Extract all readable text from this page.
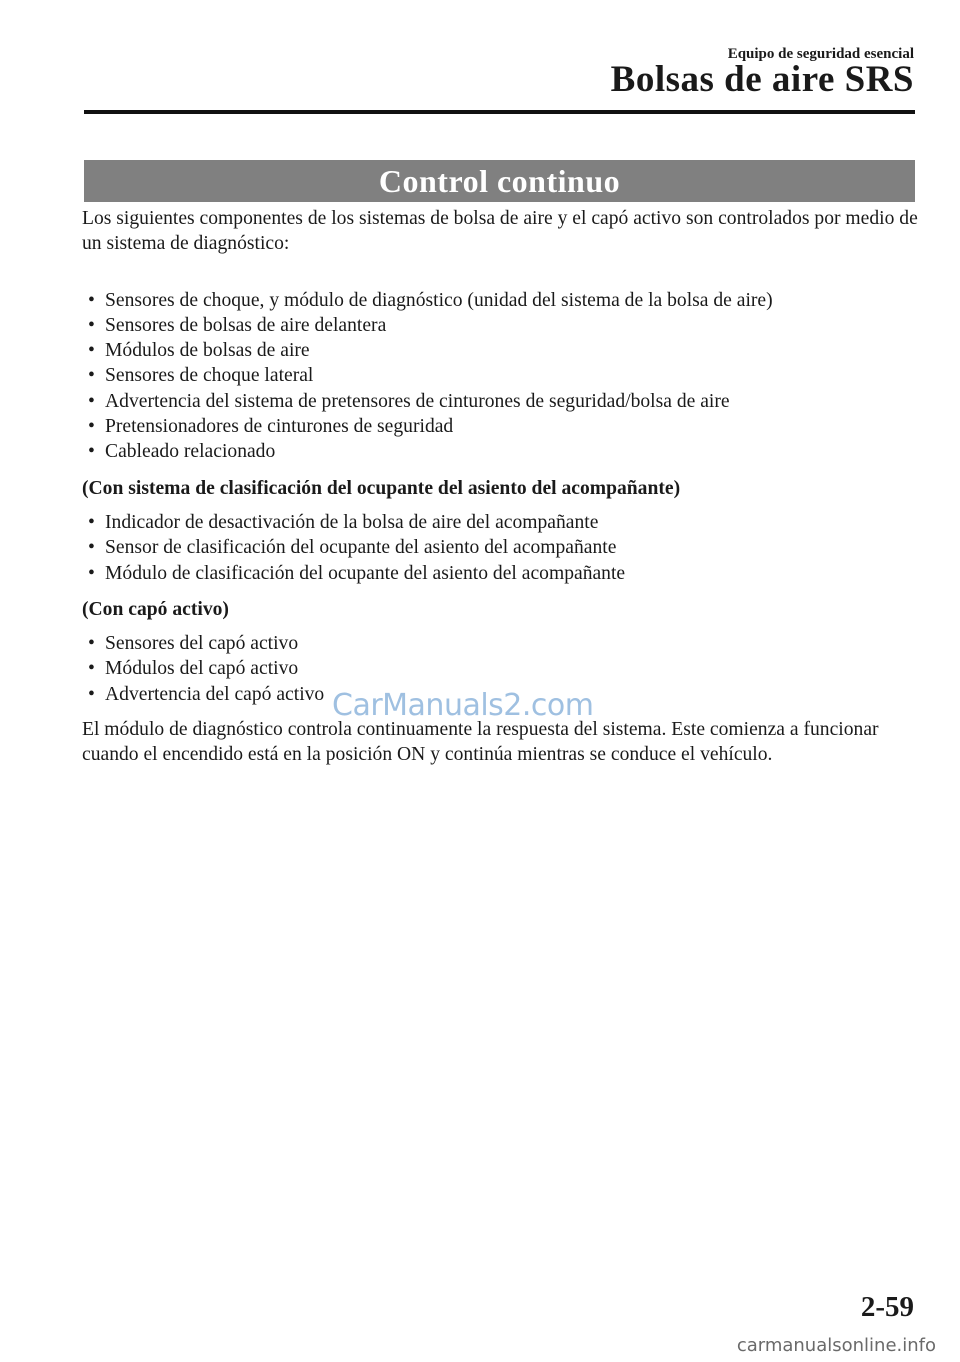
Equipo de seguridad esencial
Bolsas de aire SRS
Control continuo

Los siguientes componentes de los sistemas de bolsa de aire y el capó activo son controlados por medio de un sistema de diagnóstico:

• Sensores de choque, y módulo de diagnóstico (unidad del sistema de la bolsa de aire)
• Sensores de bolsas de aire delantera
• Módulos de bolsas de aire
• Sensores de choque lateral
• Advertencia del sistema de pretensores de cinturones de seguridad/bolsa de aire
• Pretensionadores de cinturones de seguridad
• Cableado relacionado

(Con sistema de clasificación del ocupante del asiento del acompañante)

• Indicador de desactivación de la bolsa de aire del acompañante
• Sensor de clasificación del ocupante del asiento del acompañante
• Módulo de clasificación del ocupante del asiento del acompañante

(Con capó activo)

• Sensores del capó activo
• Módulos del capó activo
• Advertencia del capó activo

El módulo de diagnóstico controla continuamente la respuesta del sistema. Este comienza a funcionar cuando el encendido está en la posición ON y continúa mientras se conduce el vehículo.

CarManuals2.com
2-59
carmanualsonline.info
